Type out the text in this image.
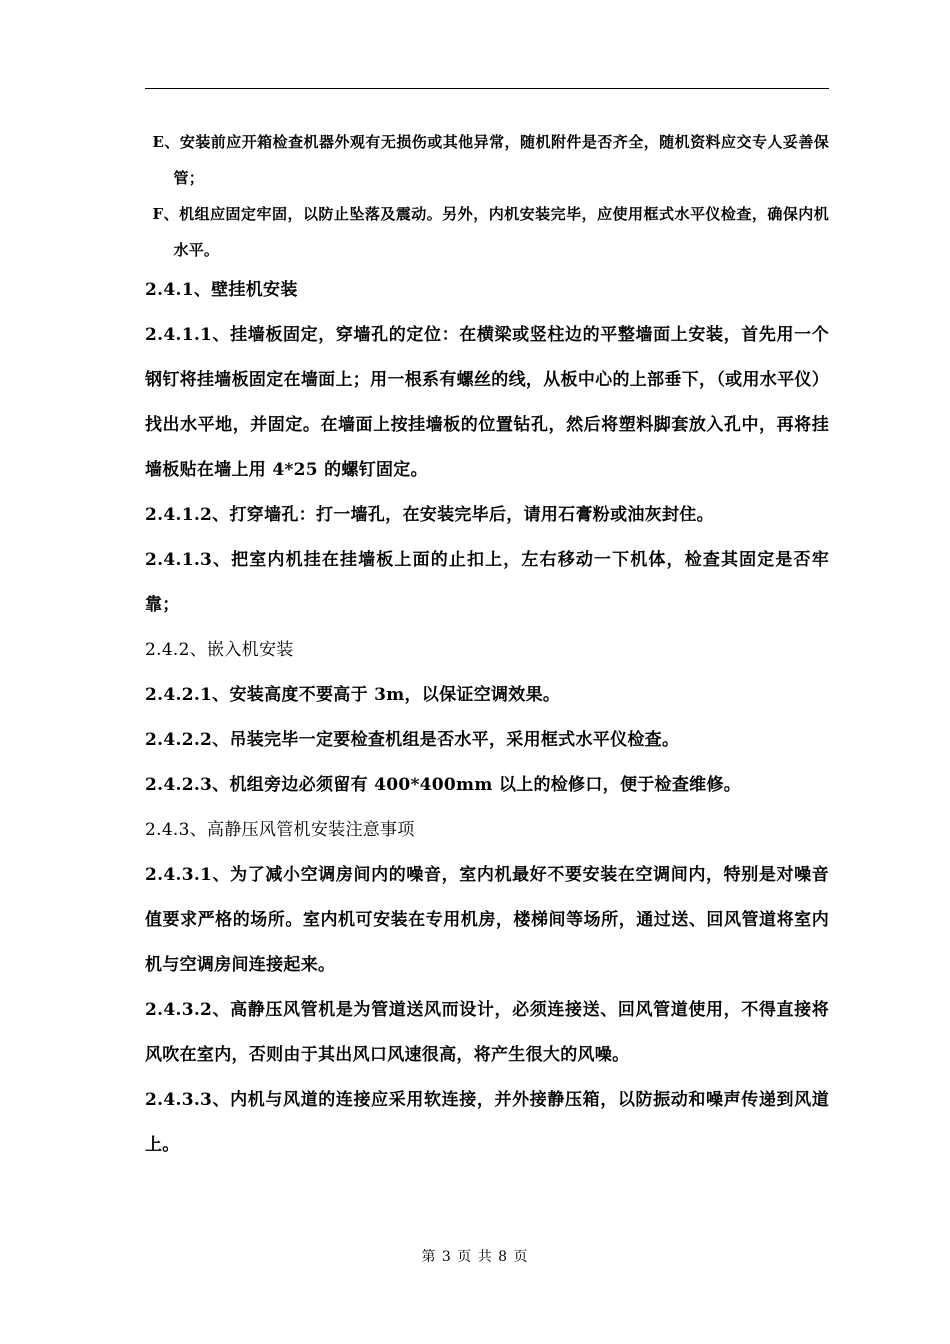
E、安装前应开箱检查机器外观有无损伤或其他异常，随机附件是否齐全，随机资料应交专人妥善保管；

F、机组应固定牢固，以防止坠落及震动。另外，内机安装完毕，应使用框式水平仪检查，确保内机水平。

2.4.1、壁挂机安装

2.4.1.1、挂墙板固定，穿墙孔的定位：在横梁或竖柱边的平整墙面上安装，首先用一个钢钉将挂墙板固定在墙面上；用一根系有螺丝的线，从板中心的上部垂下，（或用水平仪）找出水平地，并固定。在墙面上按挂墙板的位置钻孔，然后将塑料脚套放入孔中，再将挂墙板贴在墙上用 4*25 的螺钉固定。

2.4.1.2、打穿墙孔：打一墙孔，在安装完毕后，请用石膏粉或油灰封住。

2.4.1.3、把室内机挂在挂墙板上面的止扣上，左右移动一下机体，检查其固定是否牢靠；

2.4.2、嵌入机安装

2.4.2.1、安装高度不要高于 3m，以保证空调效果。

2.4.2.2、吊装完毕一定要检查机组是否水平，采用框式水平仪检查。

2.4.2.3、机组旁边必须留有 400*400mm 以上的检修口，便于检查维修。

2.4.3、高静压风管机安装注意事项

2.4.3.1、为了减小空调房间内的噪音，室内机最好不要安装在空调间内，特别是对噪音值要求严格的场所。室内机可安装在专用机房，楼梯间等场所，通过送、回风管道将室内机与空调房间连接起来。

2.4.3.2、高静压风管机是为管道送风而设计，必须连接送、回风管道使用，不得直接将风吹在室内，否则由于其出风口风速很高，将产生很大的风噪。

2.4.3.3、内机与风道的连接应采用软连接，并外接静压箱，以防振动和噪声传递到风道上。

第 3 页 共 8 页
